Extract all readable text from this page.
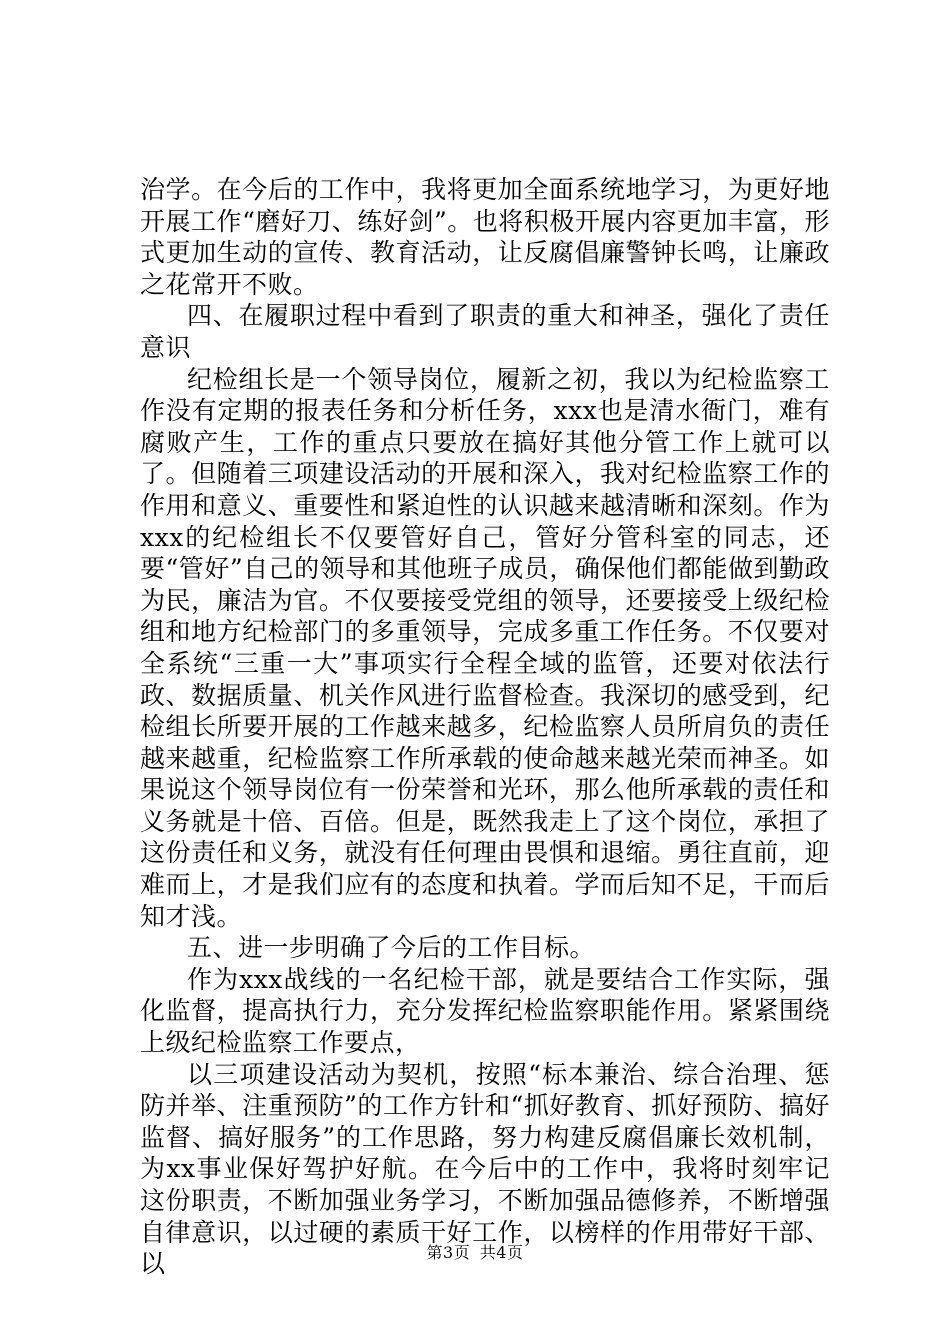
治学。在今后的工作中，我将更加全面系统地学习，为更好地开展工作“磨好刀、练好剑”。也将积极开展内容更加丰富，形式更加生动的宣传、教育活动，让反腐倡廉警钟长鸣，让廉政之花常开不败。

四、在履职过程中看到了职责的重大和神圣，强化了责任意识

纪检组长是一个领导岗位，履新之初，我以为纪检监察工作没有定期的报表任务和分析任务，xxx也是清水衙门，难有腐败产生，工作的重点只要放在搞好其他分管工作上就可以了。但随着三项建设活动的开展和深入，我对纪检监察工作的作用和意义、重要性和紧迫性的认识越来越清晰和深刻。作为xxx的纪检组长不仅要管好自己，管好分管科室的同志，还要“管好”自己的领导和其他班子成员，确保他们都能做到勤政为民，廉洁为官。不仅要接受党组的领导，还要接受上级纪检组和地方纪检部门的多重领导，完成多重工作任务。不仅要对全系统“三重一大”事项实行全程全域的监管，还要对依法行政、数据质量、机关作风进行监督检查。我深切的感受到，纪检组长所要开展的工作越来越多，纪检监察人员所肩负的责任越来越重，纪检监察工作所承载的使命越来越光荣而神圣。如果说这个领导岗位有一份荣誉和光环，那么他所承载的责任和义务就是十倍、百倍。但是，既然我走上了这个岗位，承担了这份责任和义务，就没有任何理由畏惧和退缩。勇往直前，迎难而上，才是我们应有的态度和执着。学而后知不足，干而后知才浅。

五、进一步明确了今后的工作目标。

作为xxx战线的一名纪检干部，就是要结合工作实际，强化监督，提高执行力，充分发挥纪检监察职能作用。紧紧围绕上级纪检监察工作要点，

以三项建设活动为契机，按照“标本兼治、综合治理、惩防并举、注重预防”的工作方针和“抓好教育、抓好预防、搞好监督、搞好服务”的工作思路，努力构建反腐倡廉长效机制，为xx事业保好驾护好航。在今后中的工作中，我将时刻牢记这份职责，不断加强业务学习，不断加强品德修养，不断增强自律意识，以过硬的素质干好工作，以榜样的作用带好干部、以	第3页 共4页
